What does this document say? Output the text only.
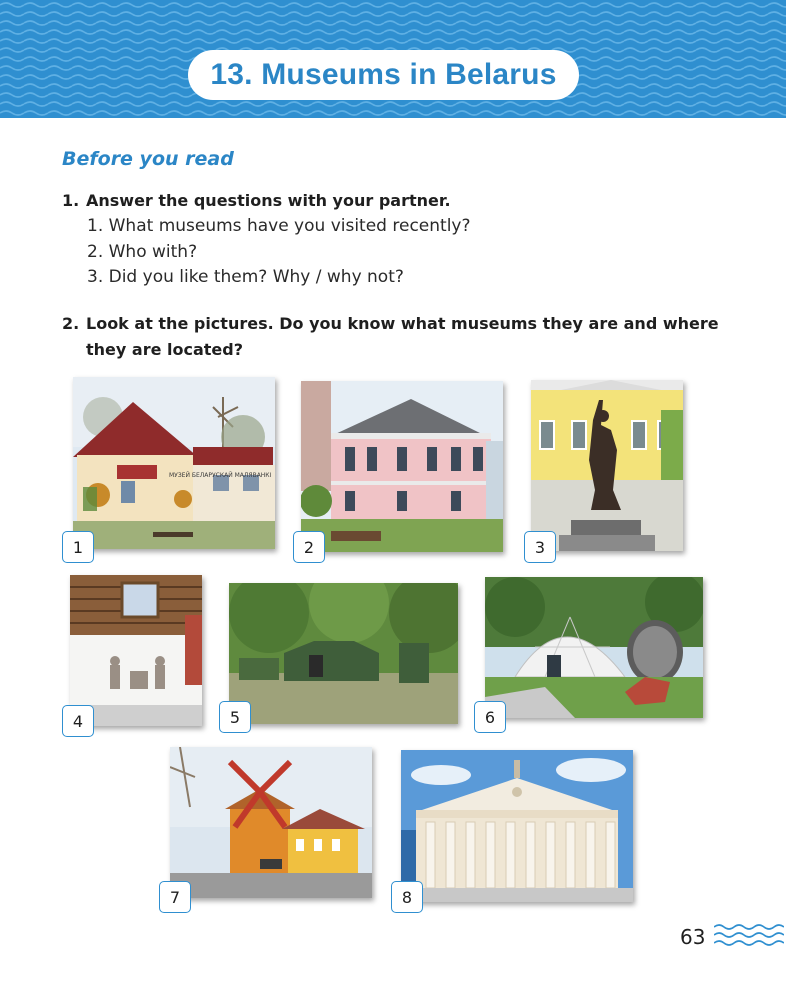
13. Museums in Belarus
Before you read
1. Answer the questions with your partner.
1. What museums have you visited recently?
2. Who with?
3. Did you like them? Why / why not?
2. Look at the pictures. Do you know what museums they are and where they are located?
МУЗЕЙ БЕЛАРУСКАЙ МАЛЯВАНКІ
1	2	3
4	5	6
7	8
63
